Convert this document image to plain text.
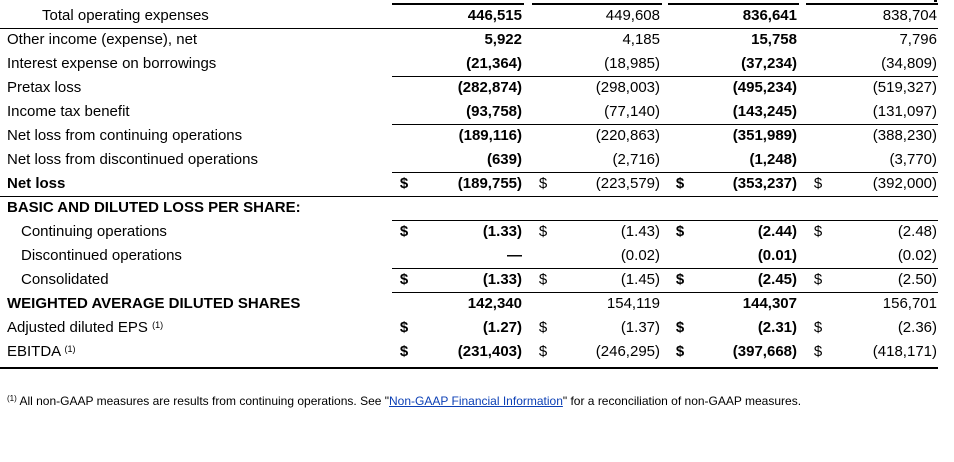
Total operating expenses	446,515	449,608	836,641	838,704
Other income (expense), net	5,922	4,185	15,758	7,796
Interest expense on borrowings	(21,364)	(18,985)	(37,234)	(34,809)
Pretax loss	(282,874)	(298,003)	(495,234)	(519,327)
Income tax benefit	(93,758)	(77,140)	(143,245)	(131,097)
Net loss from continuing operations	(189,116)	(220,863)	(351,989)	(388,230)
Net loss from discontinued operations	(639)	(2,716)	(1,248)	(3,770)
Net loss	$	(189,755)	$	(223,579)	$	(353,237)	$	(392,000)
BASIC AND DILUTED LOSS PER SHARE:
Continuing operations	$	(1.33)	$	(1.43)	$	(2.44)	$	(2.48)
Discontinued operations	—	(0.02)	(0.01)	(0.02)
Consolidated	$	(1.33)	$	(1.45)	$	(2.45)	$	(2.50)
WEIGHTED AVERAGE DILUTED SHARES	142,340	154,119	144,307	156,701
Adjusted diluted EPS $^{(1)}$	$	(1.27)	$	(1.37)	$	(2.31)	$	(2.36)
EBITDA $^{(1)}$	$	(231,403)	$	(246,295)	$	(397,668)	$	(418,171)
$^{(1)}$ All non-GAAP measures are results from continuing operations. See "Non-GAAP Financial Information" for a reconciliation of non-GAAP measures.
